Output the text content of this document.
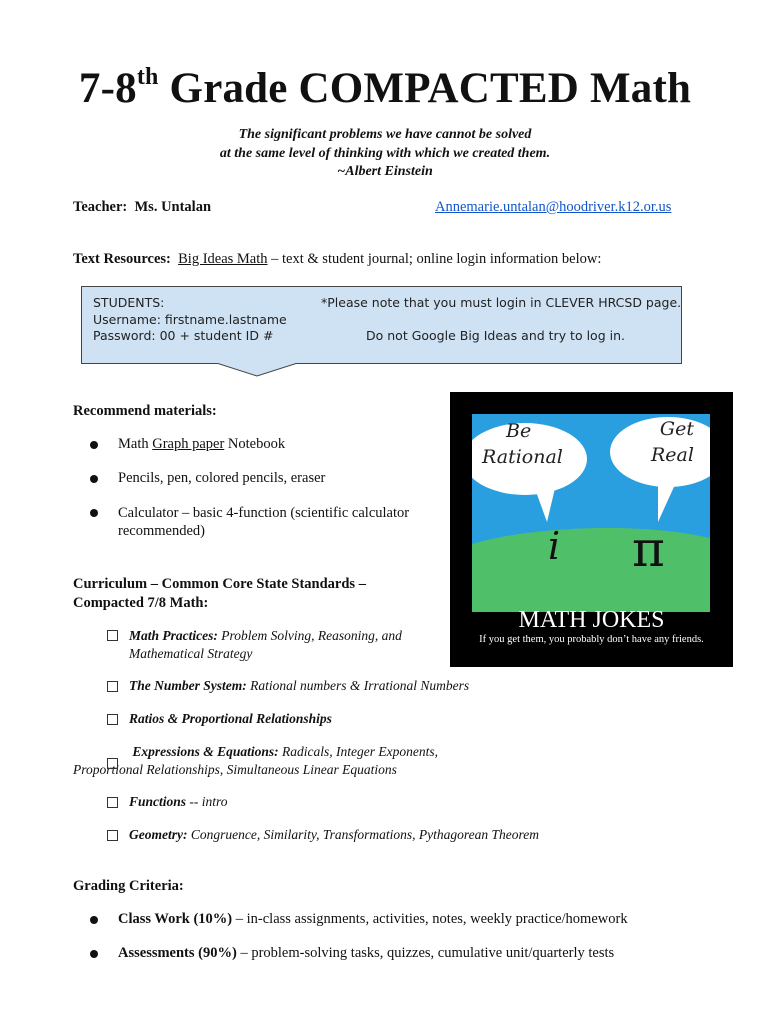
7-8th Grade COMPACTED Math
The significant problems we have cannot be solved
at the same level of thinking with which we created them.
~Albert Einstein
Teacher: Ms. Untalan	Annemarie.untalan@hoodriver.k12.or.us
Text Resources: Big Ideas Math – text & student journal; online login information below:
STUDENTS:
Username: firstname.lastname
Password: 00 + student ID #
*Please note that you must login in CLEVER HRCSD page.
Do not Google Big Ideas and try to log in.
Recommend materials:
Math Graph paper Notebook
Pencils, pen, colored pencils, eraser
Calculator – basic 4-function (scientific calculator
recommended)
Be
Rational
Get
Real
i π
MATH JOKES
If you get them, you probably don’t have any friends.
Curriculum – Common Core State Standards –
Compacted 7/8 Math:
Math Practices: Problem Solving, Reasoning, and
Mathematical Strategy
The Number System: Rational numbers & Irrational Numbers
Ratios & Proportional Relationships
Expressions & Equations: Radicals, Integer Exponents,
Proportional Relationships, Simultaneous Linear Equations
Functions -- intro
Geometry: Congruence, Similarity, Transformations, Pythagorean Theorem
Grading Criteria:
Class Work (10%) – in-class assignments, activities, notes, weekly practice/homework
Assessments (90%) – problem-solving tasks, quizzes, cumulative unit/quarterly tests
